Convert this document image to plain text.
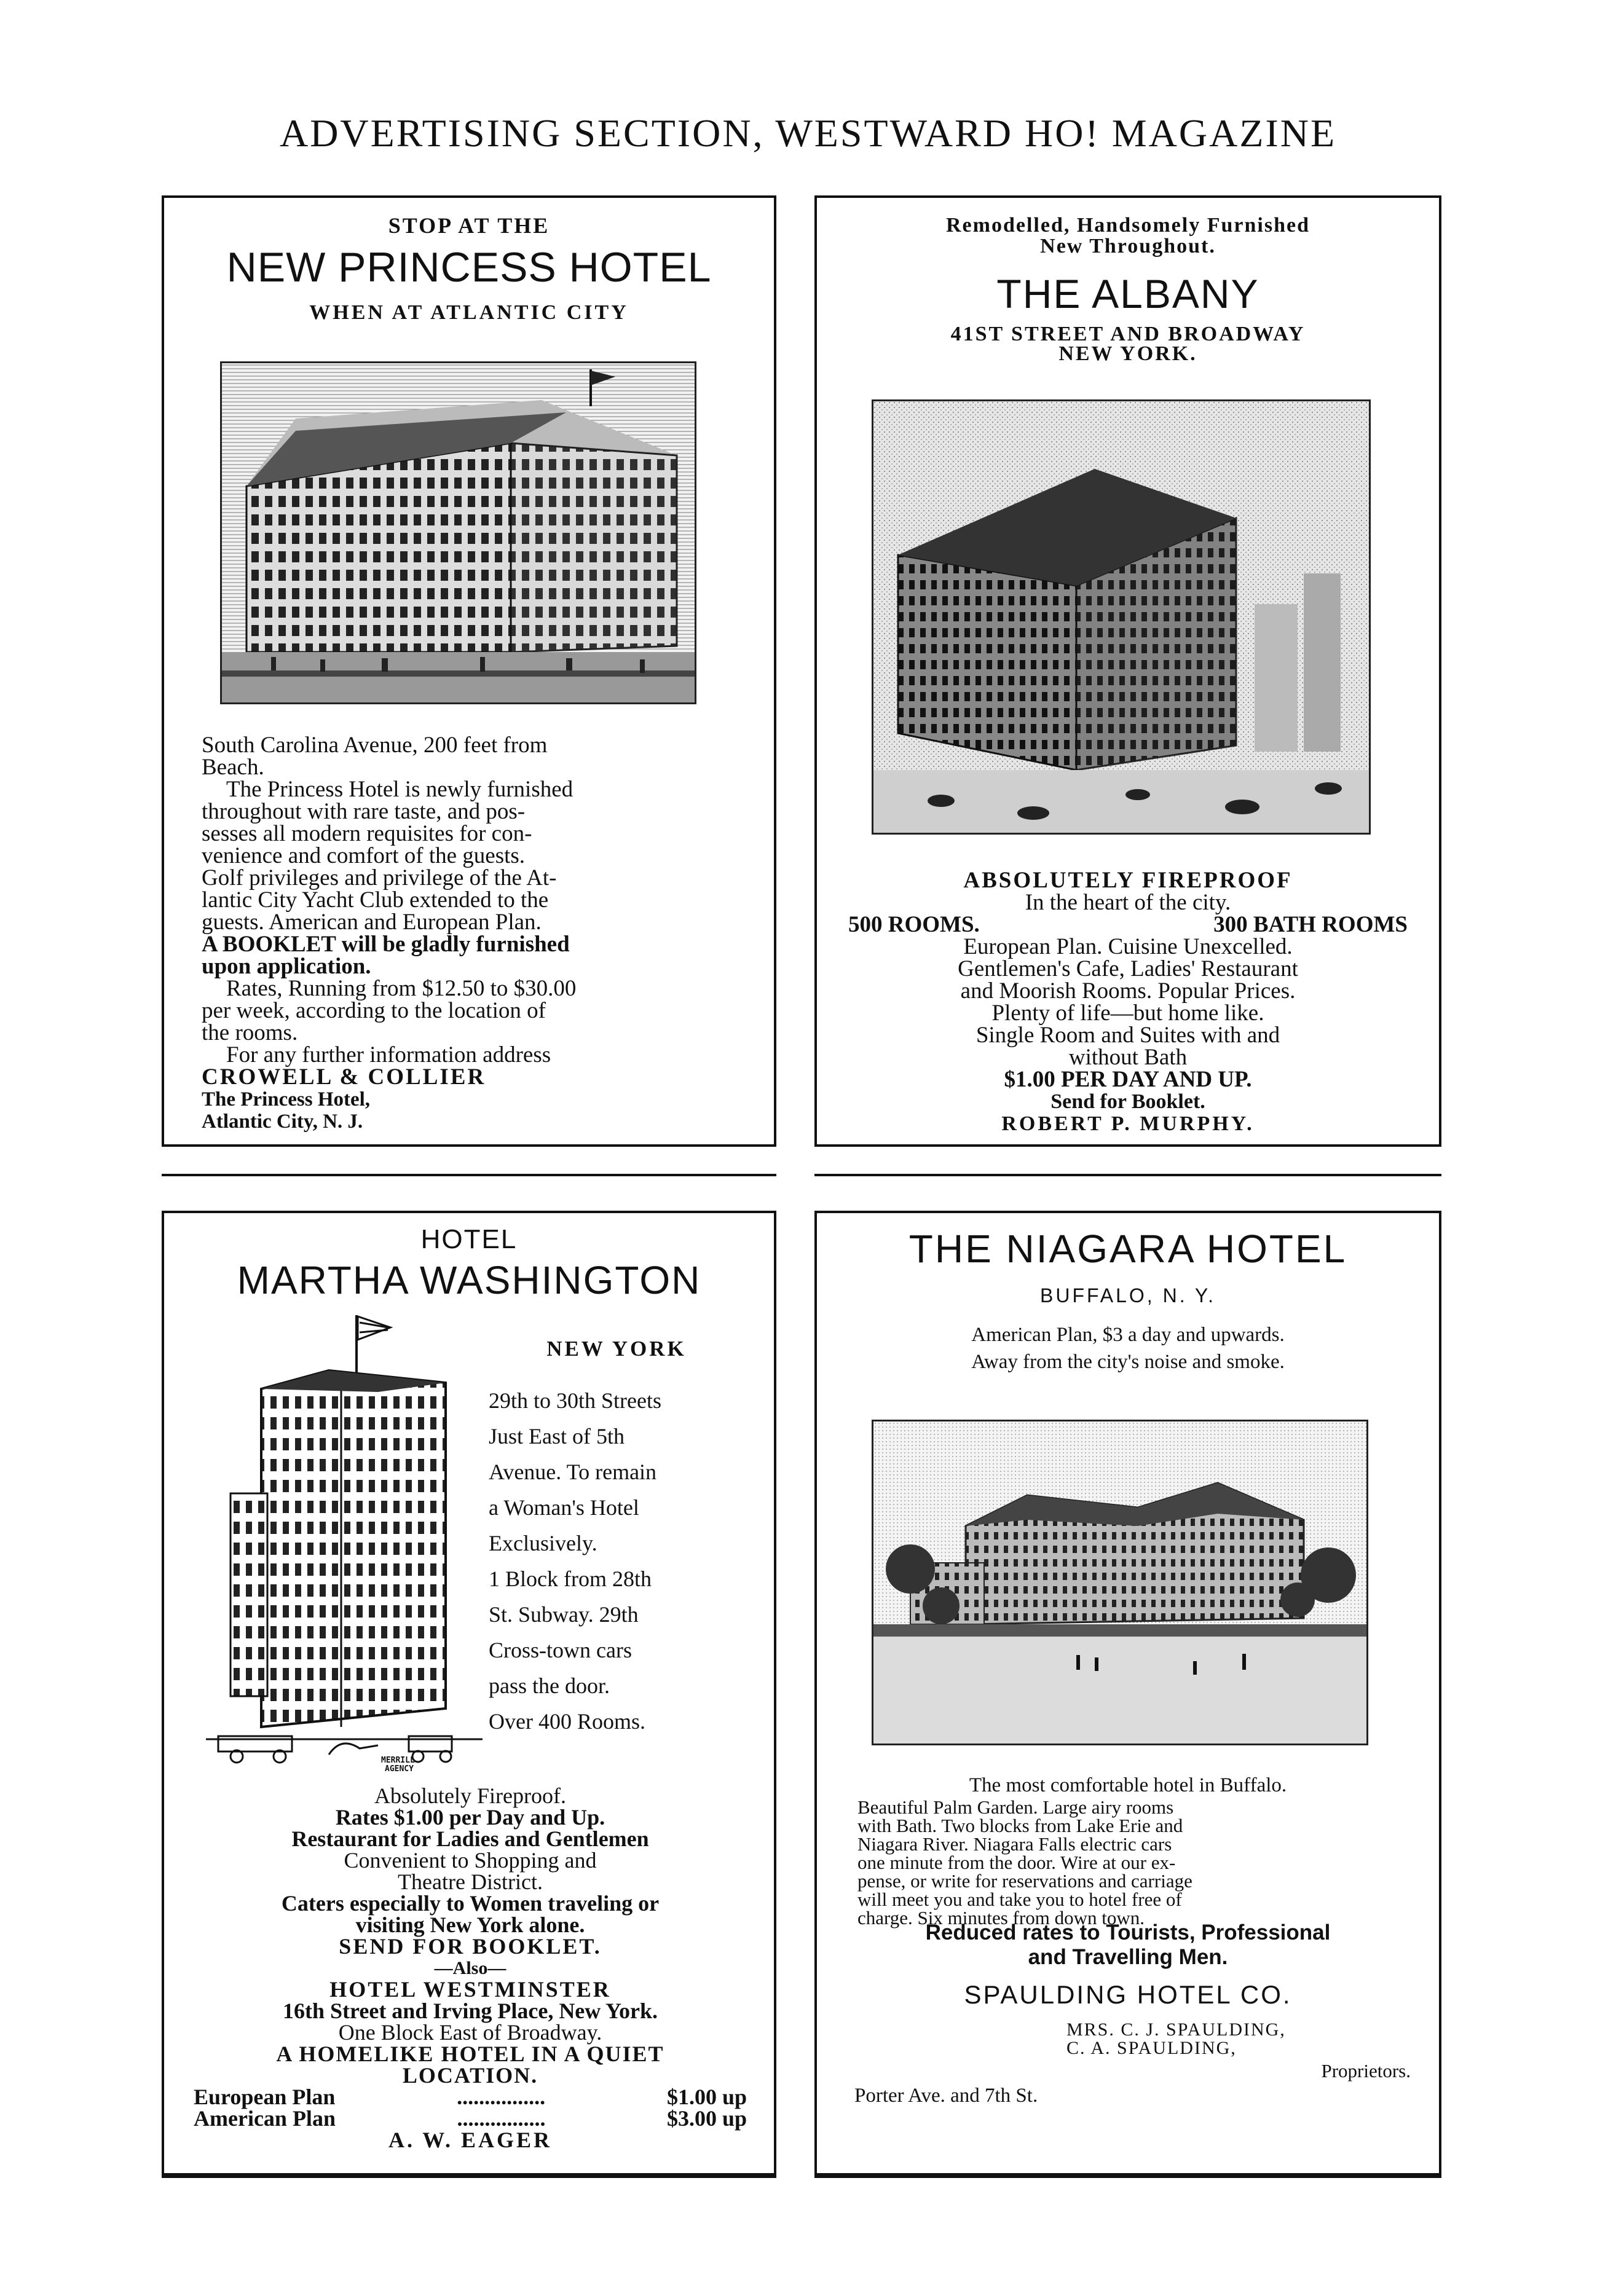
ADVERTISING SECTION, WESTWARD HO! MAGAZINE
STOP AT THE
NEW PRINCESS HOTEL
WHEN AT ATLANTIC CITY
South Carolina Avenue, 200 feet from
Beach.
The Princess Hotel is newly furnished
throughout with rare taste, and pos-
sesses all modern requisites for con-
venience and comfort of the guests.
Golf privileges and privilege of the At-
lantic City Yacht Club extended to the
guests. American and European Plan.
A BOOKLET will be gladly furnished
upon application.
Rates, Running from $12.50 to $30.00
per week, according to the location of
the rooms.
For any further information address
CROWELL & COLLIER
The Princess Hotel,
Atlantic City, N. J.
Remodelled, Handsomely Furnished
New Throughout.
THE ALBANY
41ST STREET AND BROADWAY
NEW YORK.
ABSOLUTELY FIREPROOF
In the heart of the city.
500 ROOMS.	300 BATH ROOMS
European Plan. Cuisine Unexcelled.
Gentlemen's Cafe, Ladies' Restaurant
and Moorish Rooms. Popular Prices.
Plenty of life—but home like.
Single Room and Suites with and
without Bath
$1.00 PER DAY AND UP.
Send for Booklet.
ROBERT P. MURPHY.
HOTEL
MARTHA WASHINGTON
MERRILL
AGENCY
NEW YORK
29th to 30th Streets
Just East of 5th
Avenue. To remain
a Woman's Hotel
Exclusively.
1 Block from 28th
St. Subway. 29th
Cross-town cars
pass the door.
Over 400 Rooms.
Absolutely Fireproof.
Rates $1.00 per Day and Up.
Restaurant for Ladies and Gentlemen
Convenient to Shopping and
Theatre District.
Caters especially to Women traveling or
visiting New York alone.
SEND FOR BOOKLET.
—Also—
HOTEL WESTMINSTER
16th Street and Irving Place, New York.
One Block East of Broadway.
A HOMELIKE HOTEL IN A QUIET
LOCATION.
European Plan	................	$1.00 up
American Plan	................	$3.00 up
A. W. EAGER
THE NIAGARA HOTEL
BUFFALO, N. Y.
American Plan, $3 a day and upwards.
Away from the city's noise and smoke.
The most comfortable hotel in Buffalo.
Beautiful Palm Garden. Large airy rooms
with Bath. Two blocks from Lake Erie and
Niagara River. Niagara Falls electric cars
one minute from the door. Wire at our ex-
pense, or write for reservations and carriage
will meet you and take you to hotel free of
charge. Six minutes from down town.
Reduced rates to Tourists, Professional
and Travelling Men.
SPAULDING HOTEL CO.
MRS. C. J. SPAULDING,
C. A. SPAULDING,
Proprietors.
Porter Ave. and 7th St.
